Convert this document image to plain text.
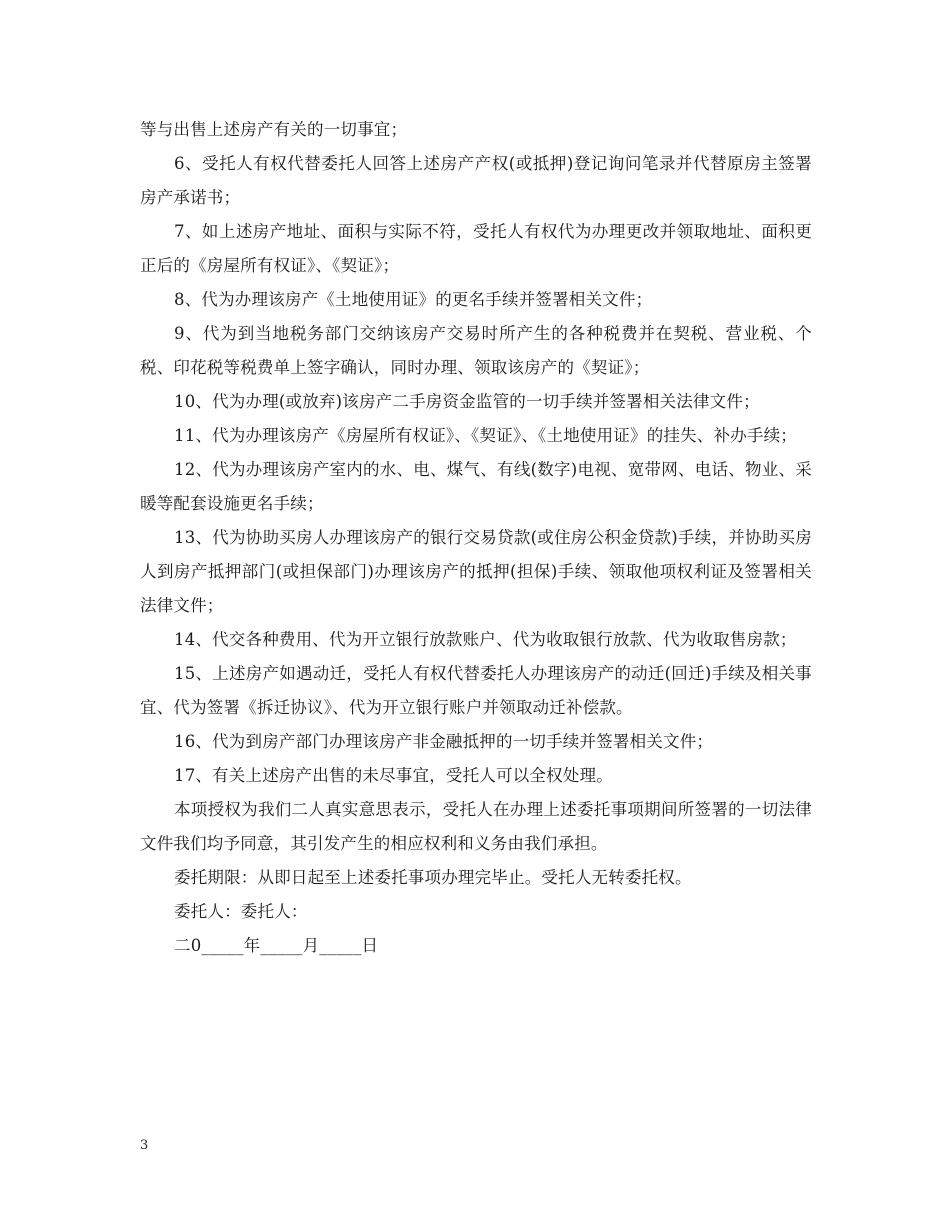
等与出售上述房产有关的一切事宜；

6、受托人有权代替委托人回答上述房产产权(或抵押)登记询问笔录并代替原房主签署房产承诺书；

7、如上述房产地址、面积与实际不符，受托人有权代为办理更改并领取地址、面积更正后的《房屋所有权证》、《契证》；

8、代为办理该房产《土地使用证》的更名手续并签署相关文件；

9、代为到当地税务部门交纳该房产交易时所产生的各种税费并在契税、营业税、个税、印花税等税费单上签字确认，同时办理、领取该房产的《契证》；

10、代为办理(或放弃)该房产二手房资金监管的一切手续并签署相关法律文件；

11、代为办理该房产《房屋所有权证》、《契证》、《土地使用证》的挂失、补办手续；

12、代为办理该房产室内的水、电、煤气、有线(数字)电视、宽带网、电话、物业、采暖等配套设施更名手续；

13、代为协助买房人办理该房产的银行交易贷款(或住房公积金贷款)手续，并协助买房人到房产抵押部门(或担保部门)办理该房产的抵押(担保)手续、领取他项权利证及签署相关法律文件；

14、代交各种费用、代为开立银行放款账户、代为收取银行放款、代为收取售房款；

15、上述房产如遇动迁，受托人有权代替委托人办理该房产的动迁(回迁)手续及相关事宜、代为签署《拆迁协议》、代为开立银行账户并领取动迁补偿款。

16、代为到房产部门办理该房产非金融抵押的一切手续并签署相关文件；

17、有关上述房产出售的未尽事宜，受托人可以全权处理。

本项授权为我们二人真实意思表示，受托人在办理上述委托事项期间所签署的一切法律文件我们均予同意，其引发产生的相应权利和义务由我们承担。

委托期限：从即日起至上述委托事项办理完毕止。受托人无转委托权。

委托人：委托人：

二0_____年_____月_____日

3
